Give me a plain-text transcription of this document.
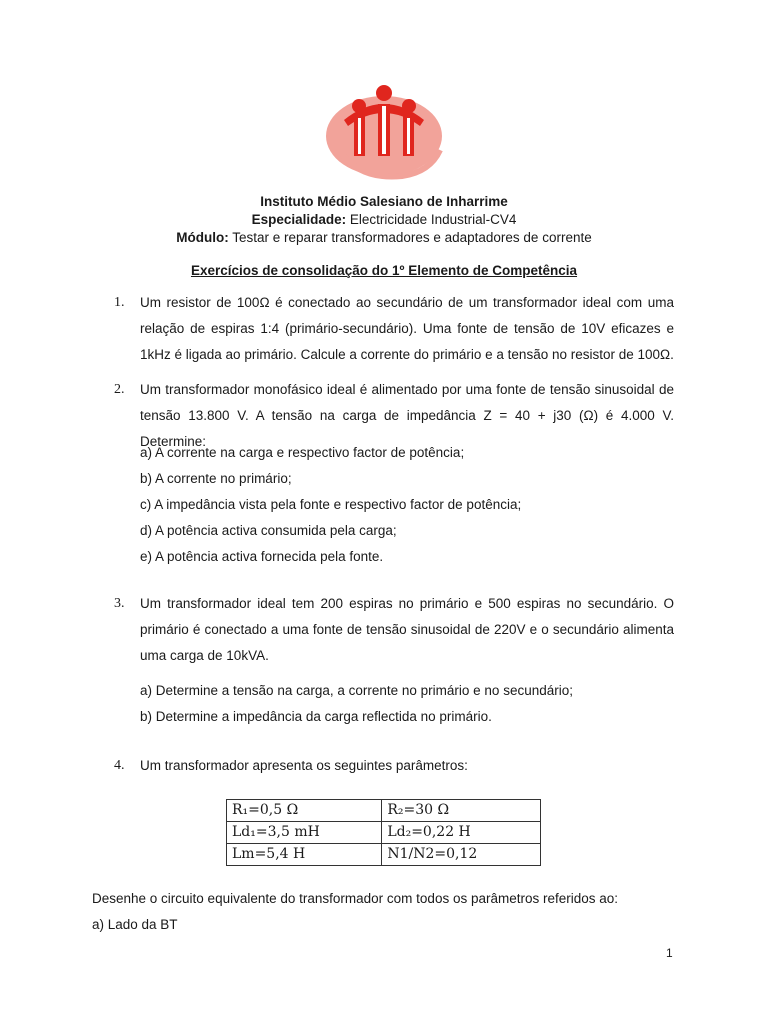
Instituto Médio Salesiano de Inharrime
Especialidade: Electricidade Industrial-CV4
Módulo: Testar e reparar transformadores e adaptadores de corrente
Exercícios de consolidação do 1º Elemento de Competência
1. Um resistor de 100Ω é conectado ao secundário de um transformador ideal com uma relação de espiras 1:4 (primário-secundário). Uma fonte de tensão de 10V eficazes e 1kHz é ligada ao primário. Calcule a corrente do primário e a tensão no resistor de 100Ω.
2. Um transformador monofásico ideal é alimentado por uma fonte de tensão sinusoidal de tensão 13.800 V. A tensão na carga de impedância Z = 40 + j30 (Ω) é 4.000 V. Determine:
a) A corrente na carga e respectivo factor de potência;
b) A corrente no primário;
c) A impedância vista pela fonte e respectivo factor de potência;
d) A potência activa consumida pela carga;
e) A potência activa fornecida pela fonte.
3. Um transformador ideal tem 200 espiras no primário e 500 espiras no secundário. O primário é conectado a uma fonte de tensão sinusoidal de 220V e o secundário alimenta uma carga de 10kVA.
a) Determine a tensão na carga, a corrente no primário e no secundário;
b) Determine a impedância da carga reflectida no primário.
4. Um transformador apresenta os seguintes parâmetros:
R₁=0,5 Ω	R₂=30 Ω
Ld₁=3,5 mH	Ld₂=0,22 H
Lm=5,4 H	N1/N2=0,12
Desenhe o circuito equivalente do transformador com todos os parâmetros referidos ao:
a) Lado da BT
1
